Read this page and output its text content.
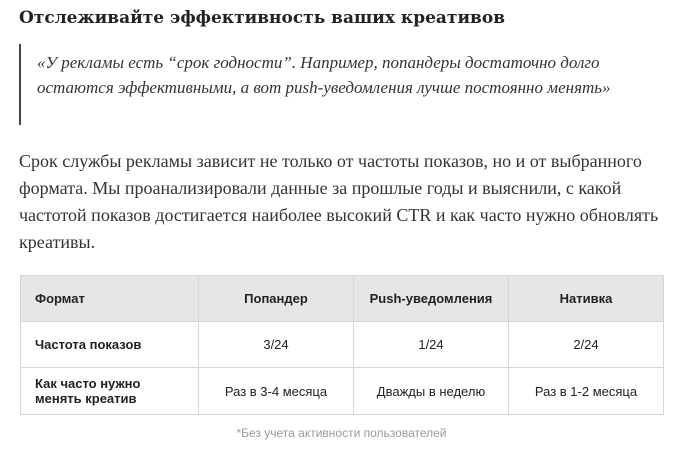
Отслеживайте эффективность ваших креативов

«У рекламы есть “срок годности”. Например, попандеры достаточно долго остаются эффективными, а вот push-уведомления лучше постоянно менять»

Срок службы рекламы зависит не только от частоты показов, но и от выбранного формата. Мы проанализировали данные за прошлые годы и выяснили, с какой частотой показов достигается наиболее высокий CTR и как часто нужно обновлять креативы.

Формат	Попандер	Push-уведомления	Нативка
Частота показов	3/24	1/24	2/24
Как часто нужно менять креатив	Раз в 3-4 месяца	Дважды в неделю	Раз в 1-2 месяца

*Без учета активности пользователей
